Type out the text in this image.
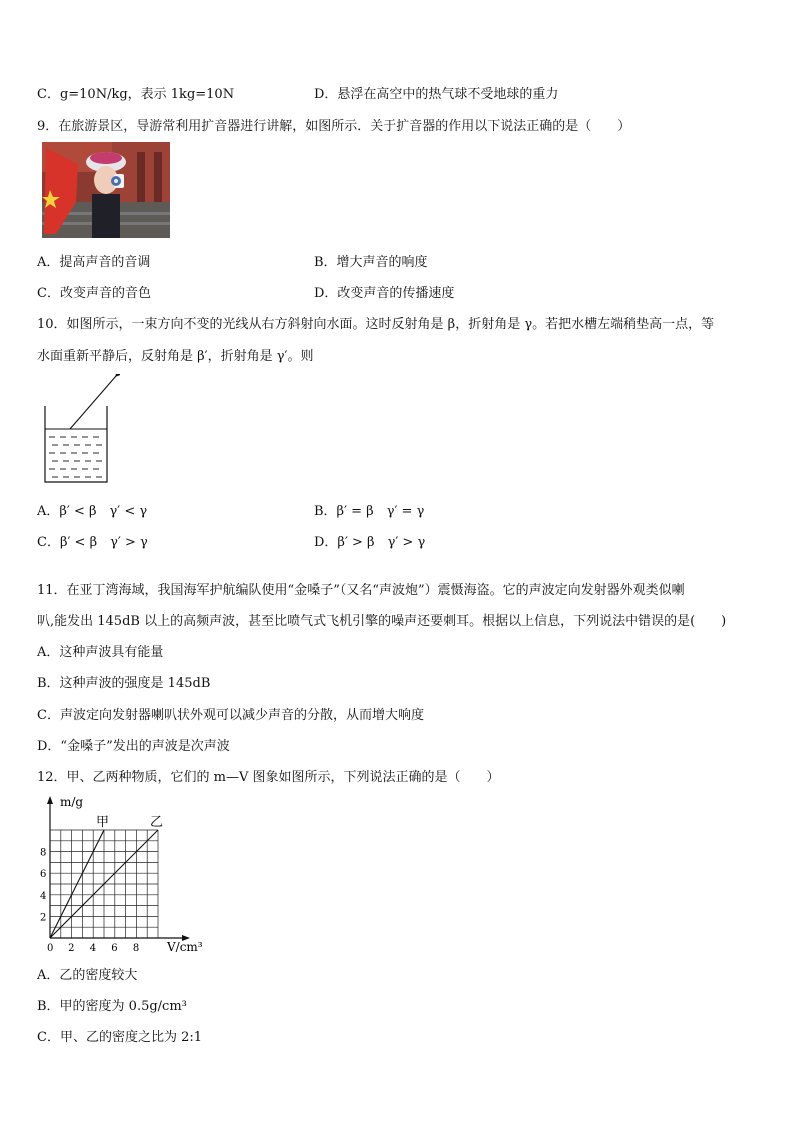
C．g=10N/kg，表示 1kg=10N	D．悬浮在高空中的热气球不受地球的重力
9．在旅游景区，导游常利用扩音器进行讲解，如图所示．关于扩音器的作用以下说法正确的是（　　）
A．提高声音的音调	B．增大声音的响度
C．改变声音的音色	D．改变声音的传播速度
10．如图所示，一束方向不变的光线从右方斜射向水面。这时反射角是 β，折射角是 γ。若把水槽左端稍垫高一点，等
水面重新平静后，反射角是 β′，折射角是 γ′。则
A．β′ < β　γ′ < γ	B．β′ = β　γ′ = γ
C．β′ < β　γ′ > γ	D．β′ > β　γ′ > γ
11．在亚丁湾海域，我国海军护航编队使用“金嗓子”（又名“声波炮”）震慑海盗。它的声波定向发射器外观类似喇
叭,能发出 145dB 以上的高频声波，甚至比喷气式飞机引擎的噪声还要刺耳。根据以上信息，下列说法中错误的是(　　)
A．这种声波具有能量
B．这种声波的强度是 145dB
C．声波定向发射器喇叭状外观可以减少声音的分散，从而增大响度
D．“金嗓子”发出的声波是次声波
12．甲、乙两种物质，它们的 m—V 图象如图所示，下列说法正确的是（　　）
0 2 4 6 8
2
4
6
8
甲	乙
m/g
V/cm³
A．乙的密度较大
B．甲的密度为 0.5g/cm³
C．甲、乙的密度之比为 2:1
